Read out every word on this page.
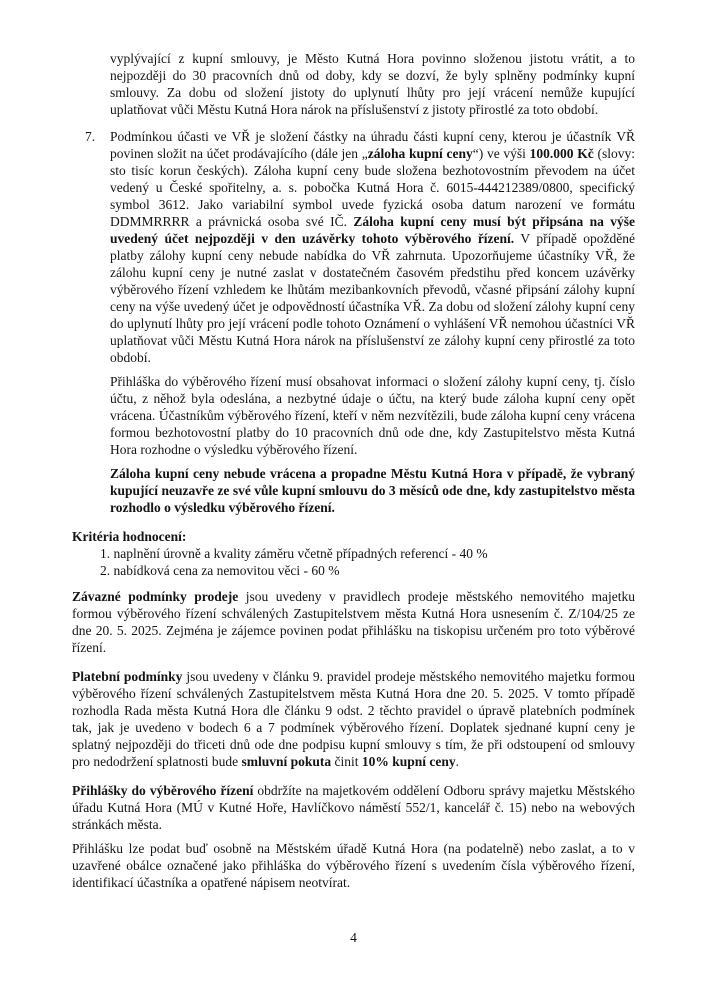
vyplývající z kupní smlouvy, je Město Kutná Hora povinno složenou jistotu vrátit, a to nejpozději do 30 pracovních dnů od doby, kdy se dozví, že byly splněny podmínky kupní smlouvy. Za dobu od složení jistoty do uplynutí lhůty pro její vrácení nemůže kupující uplatňovat vůči Městu Kutná Hora nárok na příslušenství z jistoty přirostlé za toto období.

7. Podmínkou účasti ve VŘ je složení částky na úhradu části kupní ceny, kterou je účastník VŘ povinen složit na účet prodávajícího (dále jen „záloha kupní ceny“) ve výši 100.000 Kč (slovy: sto tisíc korun českých). Záloha kupní ceny bude složena bezhotovostním převodem na účet vedený u České spořitelny, a. s. pobočka Kutná Hora č. 6015-444212389/0800, specifický symbol 3612. Jako variabilní symbol uvede fyzická osoba datum narození ve formátu DDMMRRRR a právnická osoba své IČ. Záloha kupní ceny musí být připsána na výše uvedený účet nejpozději v den uzávěrky tohoto výběrového řízení. V případě opožděné platby zálohy kupní ceny nebude nabídka do VŘ zahrnuta. Upozorňujeme účastníky VŘ, že zálohu kupní ceny je nutné zaslat v dostatečném časovém předstihu před koncem uzávěrky výběrového řízení vzhledem ke lhůtám mezibankovních převodů, včasné připsání zálohy kupní ceny na výše uvedený účet je odpovědností účastníka VŘ. Za dobu od složení zálohy kupní ceny do uplynutí lhůty pro její vrácení podle tohoto Oznámení o vyhlášení VŘ nemohou účastníci VŘ uplatňovat vůči Městu Kutná Hora nárok na příslušenství ze zálohy kupní ceny přirostlé za toto období.

Přihláška do výběrového řízení musí obsahovat informaci o složení zálohy kupní ceny, tj. číslo účtu, z něhož byla odeslána, a nezbytné údaje o účtu, na který bude záloha kupní ceny opět vrácena. Účastníkům výběrového řízení, kteří v něm nezvítězili, bude záloha kupní ceny vrácena formou bezhotovostní platby do 10 pracovních dnů ode dne, kdy Zastupitelstvo města Kutná Hora rozhodne o výsledku výběrového řízení.

Záloha kupní ceny nebude vrácena a propadne Městu Kutná Hora v případě, že vybraný kupující neuzavře ze své vůle kupní smlouvu do 3 měsíců ode dne, kdy zastupitelstvo města rozhodlo o výsledku výběrového řízení.

Kritéria hodnocení:

1. naplnění úrovně a kvality záměru včetně případných referencí - 40 %

2. nabídková cena za nemovitou věci - 60 %

Závazné podmínky prodeje jsou uvedeny v pravidlech prodeje městského nemovitého majetku formou výběrového řízení schválených Zastupitelstvem města Kutná Hora usnesením č. Z/104/25 ze dne 20. 5. 2025. Zejména je zájemce povinen podat přihlášku na tiskopisu určeném pro toto výběrové řízení.

Platební podmínky jsou uvedeny v článku 9. pravidel prodeje městského nemovitého majetku formou výběrového řízení schválených Zastupitelstvem města Kutná Hora dne 20. 5. 2025. V tomto případě rozhodla Rada města Kutná Hora dle článku 9 odst. 2 těchto pravidel o úpravě platebních podmínek tak, jak je uvedeno v bodech 6 a 7 podmínek výběrového řízení. Doplatek sjednané kupní ceny je splatný nejpozději do třiceti dnů ode dne podpisu kupní smlouvy s tím, že při odstoupení od smlouvy pro nedodržení splatnosti bude smluvní pokuta činit 10% kupní ceny.

Přihlášky do výběrového řízení obdržíte na majetkovém oddělení Odboru správy majetku Městského úřadu Kutná Hora (MÚ v Kutné Hoře, Havlíčkovo náměstí 552/1, kancelář č. 15) nebo na webových stránkách města.

Přihlášku lze podat buď osobně na Městském úřadě Kutná Hora (na podatelně) nebo zaslat, a to v uzavřené obálce označené jako přihláška do výběrového řízení s uvedením čísla výběrového řízení, identifikací účastníka a opatřené nápisem neotvírat.

4
